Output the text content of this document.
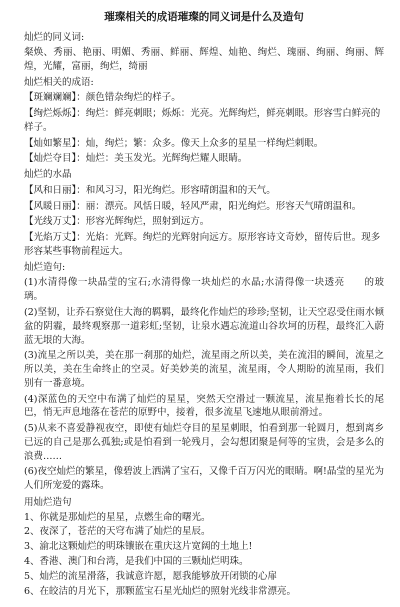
璀璨相关的成语璀璨的同义词是什么及造句
灿烂的同义词:
粲焕、秀丽、艳丽、明媚、秀丽、鲜丽、辉煌、灿艳、绚烂、瑰丽、绚丽、绚丽、辉煌，光耀，富丽，绚烂，绮丽
灿烂相关的成语:
【斑斓斓斓】：颜色错杂绚烂的样子。
【绚烂烁烁】：绚烂：鲜亮刺眼；烁烁：光亮。光辉绚烂，鲜亮刺眼。形容雪白鲜亮的样子。
【灿如繁星】：灿，绚烂；繁：众多。像天上众多的星星一样绚烂刺眼。
【灿烂夺目】：灿烂：美玉发光。光辉绚烂耀人眼睛。
灿烂的水晶
【风和日丽】：和风习习，阳光绚烂。形容晴朗温和的天气。
【风暖日丽】：丽：漂亮。风恬日暖，轻风严肃，阳光绚烂。形容天气晴朗温和。
【光线万丈】：形容光辉绚烂，照射到远方。
【光焰万丈】：光焰：光辉。绚烂的光辉射向远方。原形容诗文奇妙，留传后世。现多形容某些事物前程远大。
灿烂造句:
(1)水清得像一块晶莹的宝石;水清得像一块灿烂的水晶;水清得像一块透亮　　的玻璃。
(2)坚韧，让乔石察觉住大海的羁羁，最终化作灿烂的珍珍;坚韧，让天空忍受住雨水倾盆的阴霾，最终观察那一道彩虹;坚韧，让泉水遇忘流道山谷坎坷的历程，最终汇入蔚蓝无垠的大海。
(3)流星之所以美，美在那一刹那的灿烂，流星雨之所以美，美在流泪的瞬间，流星之所以美，美在生命终止的空灵。好美妙美的流星，流星雨，令人期盼的流星雨，我们别有一番意境。
(4)深蓝色的天空中布满了灿烂的星星，突然天空滑过一颗流星，流星拖着长长的尾巴，悄无声息地落在苍茫的原野中，接着，很多流星飞速地从眼前滑过。
(5)从来不喜爱静视夜空，即使有灿烂夺目的星星刺眼，怕看到那一轮圆月，想到离乡已远的自己是那么孤独;或是怕看到一轮残月，会勾想团聚是何等的宝贵，会是多么的浪费……
(6)夜空灿烂的繁星，像碧波上洒满了宝石，又像千百万闪光的眼睛。啊!晶莹的星光为人们所宠爱的露珠。
用灿烂造句
1、你就是那灿烂的星星，点燃生命的曙光。
2、夜深了，苍茫的天穹布满了灿烂的星辰。
3、渝北这颗灿烂的明珠镶嵌在重庆这片宽阔的土地上!
4、香港、澳门和台湾，是我们中国的三颗灿烂明珠。
5、灿烂的流星滑落，我诚意许愿，愿我能够放开闭锁的心扉
6、在皎洁的月光下，那颗蓝宝石星光灿烂的照射光线非常漂亮。
